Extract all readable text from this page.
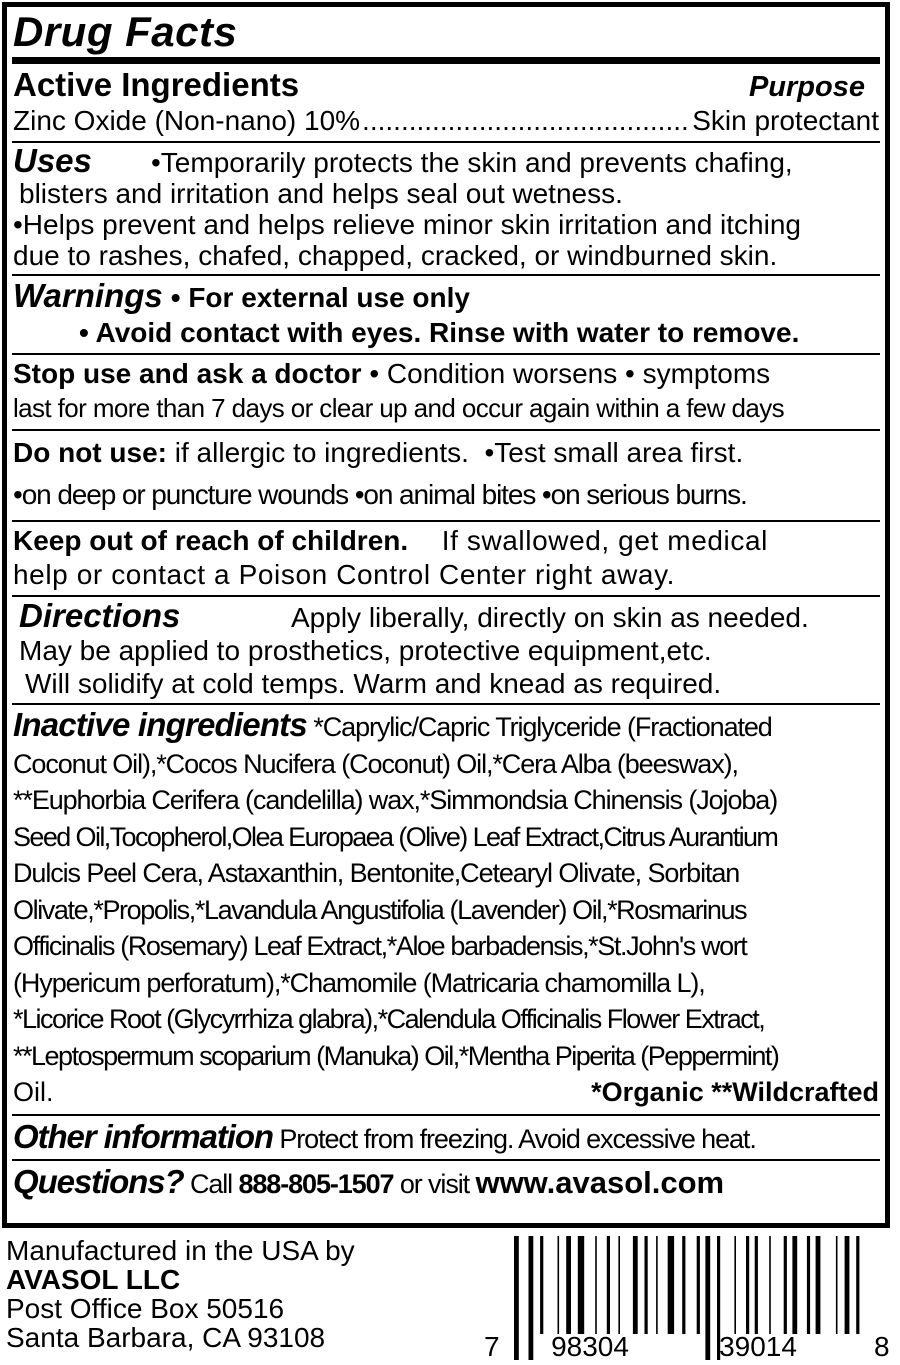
Drug Facts
Active Ingredients	Purpose
Zinc Oxide (Non-nano) 10%
.....	Skin protectant
Uses	•Temporarily protects the skin and prevents chafing,
blisters and irritation and helps seal out wetness.
•Helps prevent and helps relieve minor skin irritation and itching
due to rashes, chafed, chapped, cracked, or windburned skin.
Warnings • For external use only
• Avoid contact with eyes. Rinse with water to remove.
Stop use and ask a doctor • Condition worsens • symptoms
last for more than 7 days or clear up and occur again within a few days
Do not use: if allergic to ingredients.  •Test small area first.
•on deep or puncture wounds •on animal bites •on serious burns.
Keep out of reach of children. If swallowed, get medical
help or contact a Poison Control Center right away.
Directions	Apply liberally, directly on skin as needed.
May be applied to prosthetics, protective equipment,etc.
Will solidify at cold temps. Warm and knead as required.
Inactive ingredients *Caprylic/Capric Triglyceride (Fractionated
Coconut Oil),*Cocos Nucifera (Coconut) Oil,*Cera Alba (beeswax),
**Euphorbia Cerifera (candelilla) wax,*Simmondsia Chinensis (Jojoba)
Seed Oil,Tocopherol,Olea Europaea (Olive) Leaf Extract,Citrus Aurantium
Dulcis Peel Cera, Astaxanthin, Bentonite,Cetearyl Olivate, Sorbitan
Olivate,*Propolis,*Lavandula Angustifolia (Lavender) Oil,*Rosmarinus
Officinalis (Rosemary) Leaf Extract,*Aloe barbadensis,*St.John's wort
(Hypericum perforatum),*Chamomile (Matricaria chamomilla L),
*Licorice Root (Glycyrrhiza glabra),*Calendula Officinalis Flower Extract,
**Leptospermum scoparium (Manuka) Oil,*Mentha Piperita (Peppermint)
Oil.	*Organic **Wildcrafted
Other information Protect from freezing. Avoid excessive heat.
Questions? Call 888-805-1507 or visit www.avasol.com
Manufactured in the USA by
AVASOL LLC
Post Office Box 50516
Santa Barbara, CA 93108	7 98304	39014	8
